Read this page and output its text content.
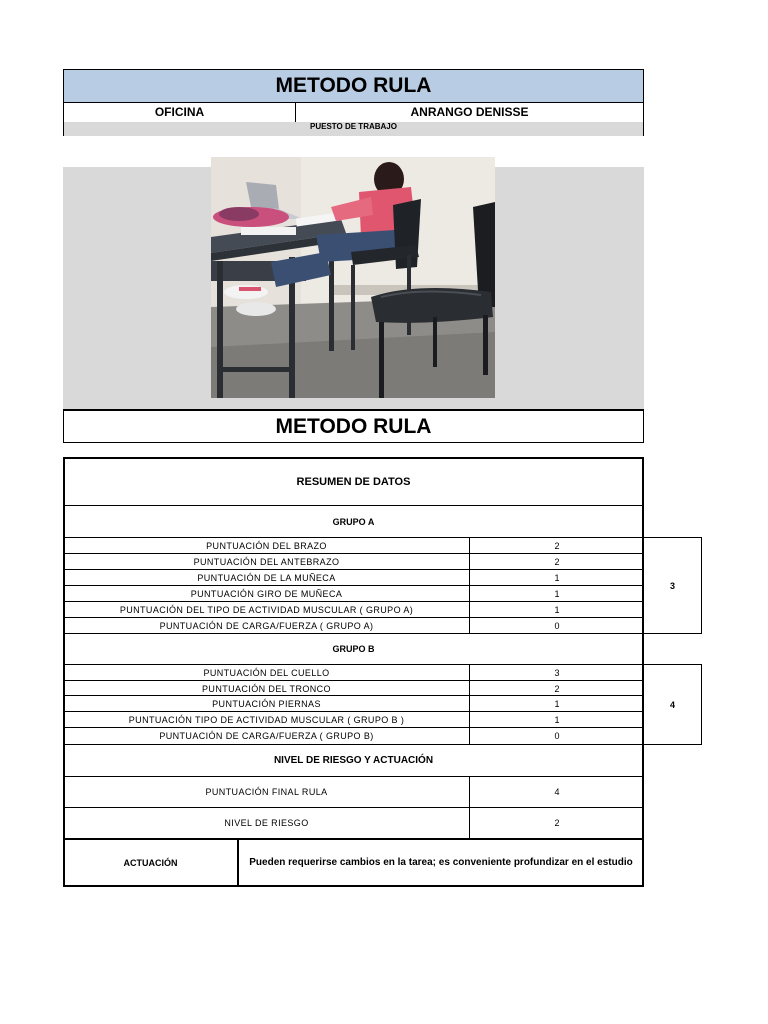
METODO RULA
OFICINA	ANRANGO DENISSE
PUESTO DE TRABAJO
METODO RULA
RESUMEN DE DATOS
GRUPO A
PUNTUACIÓN DEL BRAZO	2
PUNTUACIÓN DEL ANTEBRAZO	2
PUNTUACIÓN DE LA MUÑECA	1
PUNTUACIÓN GIRO DE MUÑECA	1
PUNTUACIÓN DEL TIPO DE ACTIVIDAD MUSCULAR ( GRUPO A)	1
PUNTUACIÓN DE CARGA/FUERZA ( GRUPO A)	0
3
GRUPO B
PUNTUACIÓN DEL CUELLO	3
PUNTUACIÓN DEL TRONCO	2
PUNTUACIÓN PIERNAS	1
PUNTUACIÓN TIPO DE ACTIVIDAD MUSCULAR ( GRUPO B )	1
PUNTUACIÓN DE CARGA/FUERZA ( GRUPO B)	0
4
NIVEL DE RIESGO Y ACTUACIÓN
PUNTUACIÓN FINAL RULA	4
NIVEL DE RIESGO	2
ACTUACIÓN	Pueden requerirse cambios en la tarea; es conveniente profundizar en el estudio
